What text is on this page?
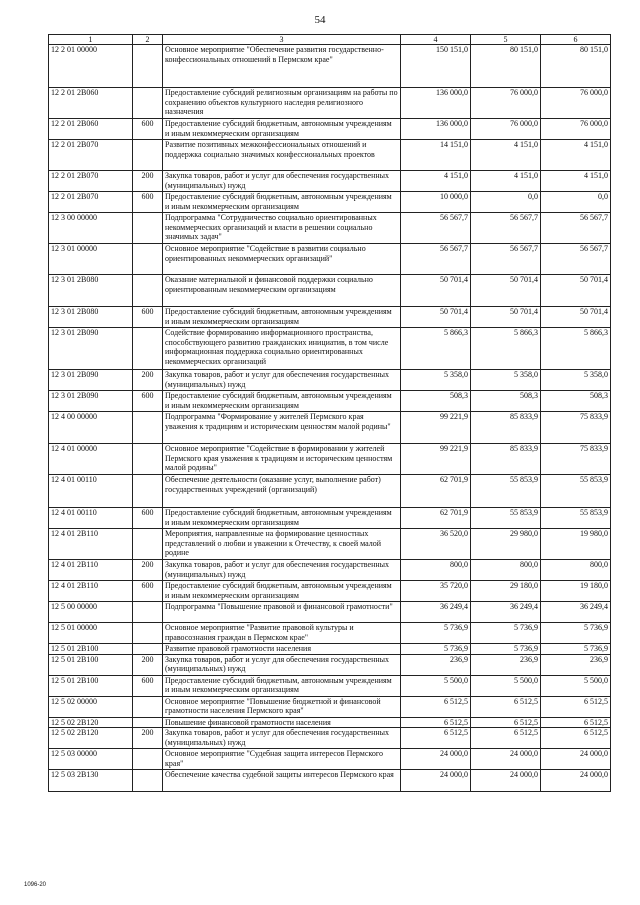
54
1	2	3	4	5	6
12 2 01 00000		Основное мероприятие "Обеспечение развития государственно-конфессиональных отношений в Пермском крае"	150 151,0	80 151,0	80 151,0
12 2 01 2В060		Предоставление субсидий религиозным организациям на работы по сохранению объектов культурного наследия религиозного назначения	136 000,0	76 000,0	76 000,0
12 2 01 2В060	600	Предоставление субсидий бюджетным, автономным учреждениям и иным некоммерческим организациям	136 000,0	76 000,0	76 000,0
12 2 01 2В070		Развитие позитивных межконфессиональных отношений и поддержка социально значимых конфессиональных проектов	14 151,0	4 151,0	4 151,0
12 2 01 2В070	200	Закупка товаров, работ и услуг для обеспечения государственных (муниципальных) нужд	4 151,0	4 151,0	4 151,0
12 2 01 2В070	600	Предоставление субсидий бюджетным, автономным учреждениям и иным некоммерческим организациям	10 000,0	0,0	0,0
12 3 00 00000		Подпрограмма "Сотрудничество социально ориентированных некоммерческих организаций и власти в решении социально значимых задач"	56 567,7	56 567,7	56 567,7
12 3 01 00000		Основное мероприятие "Содействие в развитии социально ориентированных некоммерческих организаций"	56 567,7	56 567,7	56 567,7
12 3 01 2В080		Оказание материальной и финансовой поддержки социально ориентированным некоммерческим организациям	50 701,4	50 701,4	50 701,4
12 3 01 2В080	600	Предоставление субсидий бюджетным, автономным учреждениям и иным некоммерческим организациям	50 701,4	50 701,4	50 701,4
12 3 01 2В090		Содействие формированию информационного пространства, способствующего развитию гражданских инициатив, в том числе информационная поддержка социально ориентированных некоммерческих организаций	5 866,3	5 866,3	5 866,3
12 3 01 2В090	200	Закупка товаров, работ и услуг для обеспечения государственных (муниципальных) нужд	5 358,0	5 358,0	5 358,0
12 3 01 2В090	600	Предоставление субсидий бюджетным, автономным учреждениям и иным некоммерческим организациям	508,3	508,3	508,3
12 4 00 00000		Подпрограмма "Формирование у жителей Пермского края уважения к традициям и историческим ценностям малой родины"	99 221,9	85 833,9	75 833,9
12 4 01 00000		Основное мероприятие "Содействие в формировании у жителей Пермского края уважения к традициям и историческим ценностям малой родины"	99 221,9	85 833,9	75 833,9
12 4 01 00110		Обеспечение деятельности (оказание услуг, выполнение работ) государственных учреждений (организаций)	62 701,9	55 853,9	55 853,9
12 4 01 00110	600	Предоставление субсидий бюджетным, автономным учреждениям и иным некоммерческим организациям	62 701,9	55 853,9	55 853,9
12 4 01 2В110		Мероприятия, направленные на формирование ценностных представлений о любви и уважении к Отечеству, к своей малой родине	36 520,0	29 980,0	19 980,0
12 4 01 2В110	200	Закупка товаров, работ и услуг для обеспечения государственных (муниципальных) нужд	800,0	800,0	800,0
12 4 01 2В110	600	Предоставление субсидий бюджетным, автономным учреждениям и иным некоммерческим организациям	35 720,0	29 180,0	19 180,0
12 5 00 00000		Подпрограмма "Повышение правовой и финансовой грамотности"	36 249,4	36 249,4	36 249,4
12 5 01 00000		Основное мероприятие "Развитие правовой культуры и правосознания граждан в Пермском крае"	5 736,9	5 736,9	5 736,9
12 5 01 2В100		Развитие правовой грамотности населения	5 736,9	5 736,9	5 736,9
12 5 01 2В100	200	Закупка товаров, работ и услуг для обеспечения государственных (муниципальных) нужд	236,9	236,9	236,9
12 5 01 2В100	600	Предоставление субсидий бюджетным, автономным учреждениям и иным некоммерческим организациям	5 500,0	5 500,0	5 500,0
12 5 02 00000		Основное мероприятие "Повышение бюджетной и финансовой грамотности населения Пермского края"	6 512,5	6 512,5	6 512,5
12 5 02 2В120		Повышение финансовой грамотности населения	6 512,5	6 512,5	6 512,5
12 5 02 2В120	200	Закупка товаров, работ и услуг для обеспечения государственных (муниципальных) нужд	6 512,5	6 512,5	6 512,5
12 5 03 00000		Основное мероприятие "Судебная защита интересов Пермского края"	24 000,0	24 000,0	24 000,0
12 5 03 2В130		Обеспечение качества судебной защиты интересов Пермского края	24 000,0	24 000,0	24 000,0
1096-20
